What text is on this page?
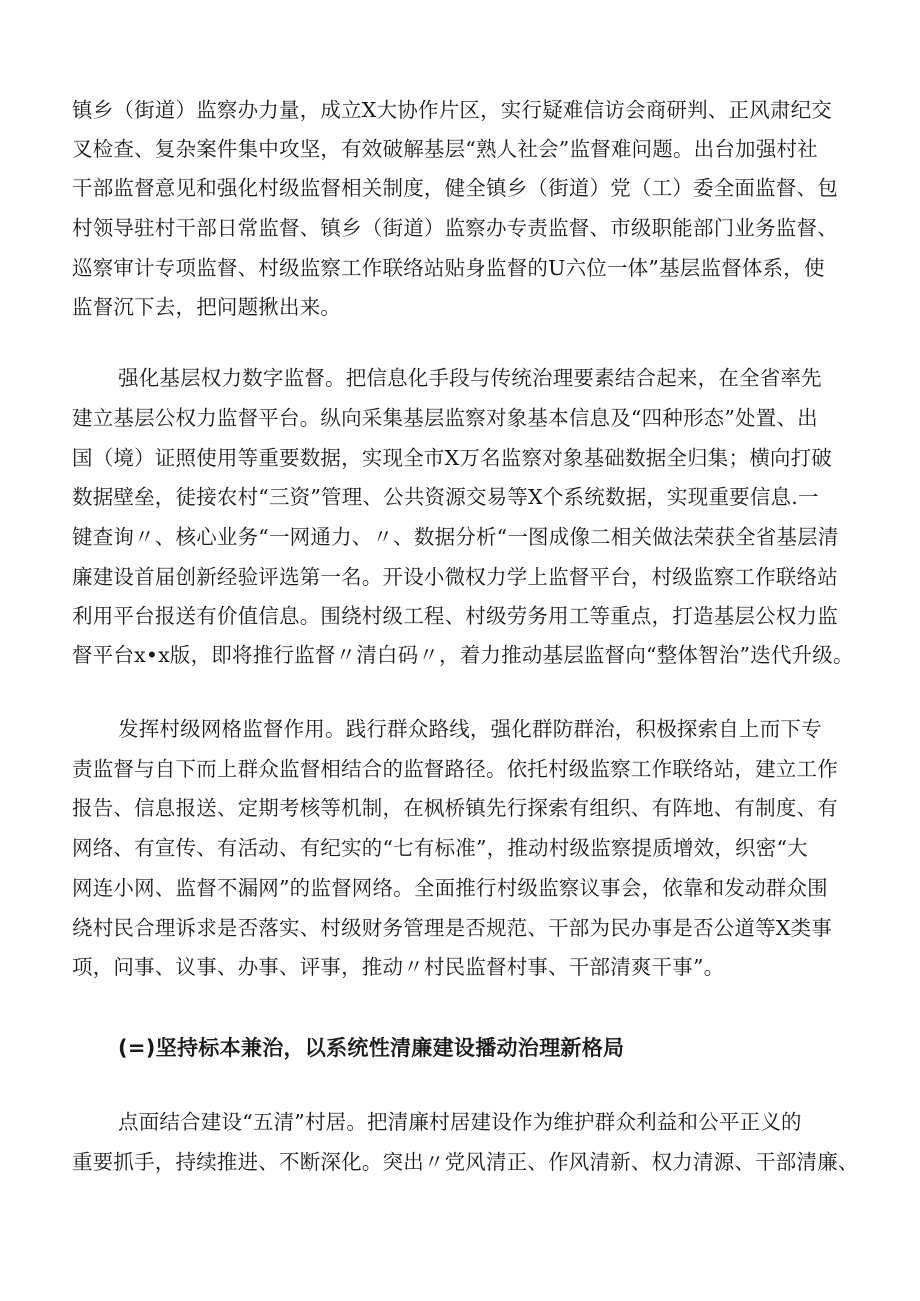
镇乡（街道）监察办力量，成立X大协作片区，实行疑难信访会商研判、正风肃纪交
叉检查、复杂案件集中攻坚，有效破解基层“熟人社会”监督难问题。出台加强村社
干部监督意见和强化村级监督相关制度，健全镇乡（街道）党（工）委全面监督、包
村领导驻村干部日常监督、镇乡（街道）监察办专责监督、市级职能部门业务监督、
巡察审计专项监督、村级监察工作联络站贴身监督的U六位一体”基层监督体系，使
监督沉下去，把问题揪出来。
强化基层权力数字监督。把信息化手段与传统治理要素结合起来，在全省率先
建立基层公权力监督平台。纵向采集基层监察对象基本信息及“四种形态”处置、出
国（境）证照使用等重要数据，实现全市X万名监察对象基础数据全归集；横向打破
数据壁垒，徒接农村“三资”管理、公共资源交易等X个系统数据，实现重要信息.一
键查询〃、核心业务“一网通力、〃、数据分析“一图成像二相关做法荣获全省基层清
廉建设首届创新经验评选第一名。开设小微权力学上监督平台，村级监察工作联络站
利用平台报送有价值信息。围绕村级工程、村级劳务用工等重点，打造基层公权力监
督平台x•x版，即将推行监督〃清白码〃，着力推动基层监督向“整体智治”迭代升级。
发挥村级网格监督作用。践行群众路线，强化群防群治，积极探索自上而下专
责监督与自下而上群众监督相结合的监督路径。依托村级监察工作联络站，建立工作
报告、信息报送、定期考核等机制，在枫桥镇先行探索有组织、有阵地、有制度、有
网络、有宣传、有活动、有纪实的“七有标准”，推动村级监察提质增效，织密“大
网连小网、监督不漏网”的监督网络。全面推行村级监察议事会，依靠和发动群众围
绕村民合理诉求是否落实、村级财务管理是否规范、干部为民办事是否公道等X类事
项，问事、议事、办事、评事，推动〃村民监督村事、干部清爽干事”。
(=)坚持标本兼治，以系统性清廉建设播动治理新格局
点面结合建设“五清”村居。把清廉村居建设作为维护群众利益和公平正义的
重要抓手，持续推进、不断深化。突出〃党风清正、作风清新、权力清源、干部清廉、
